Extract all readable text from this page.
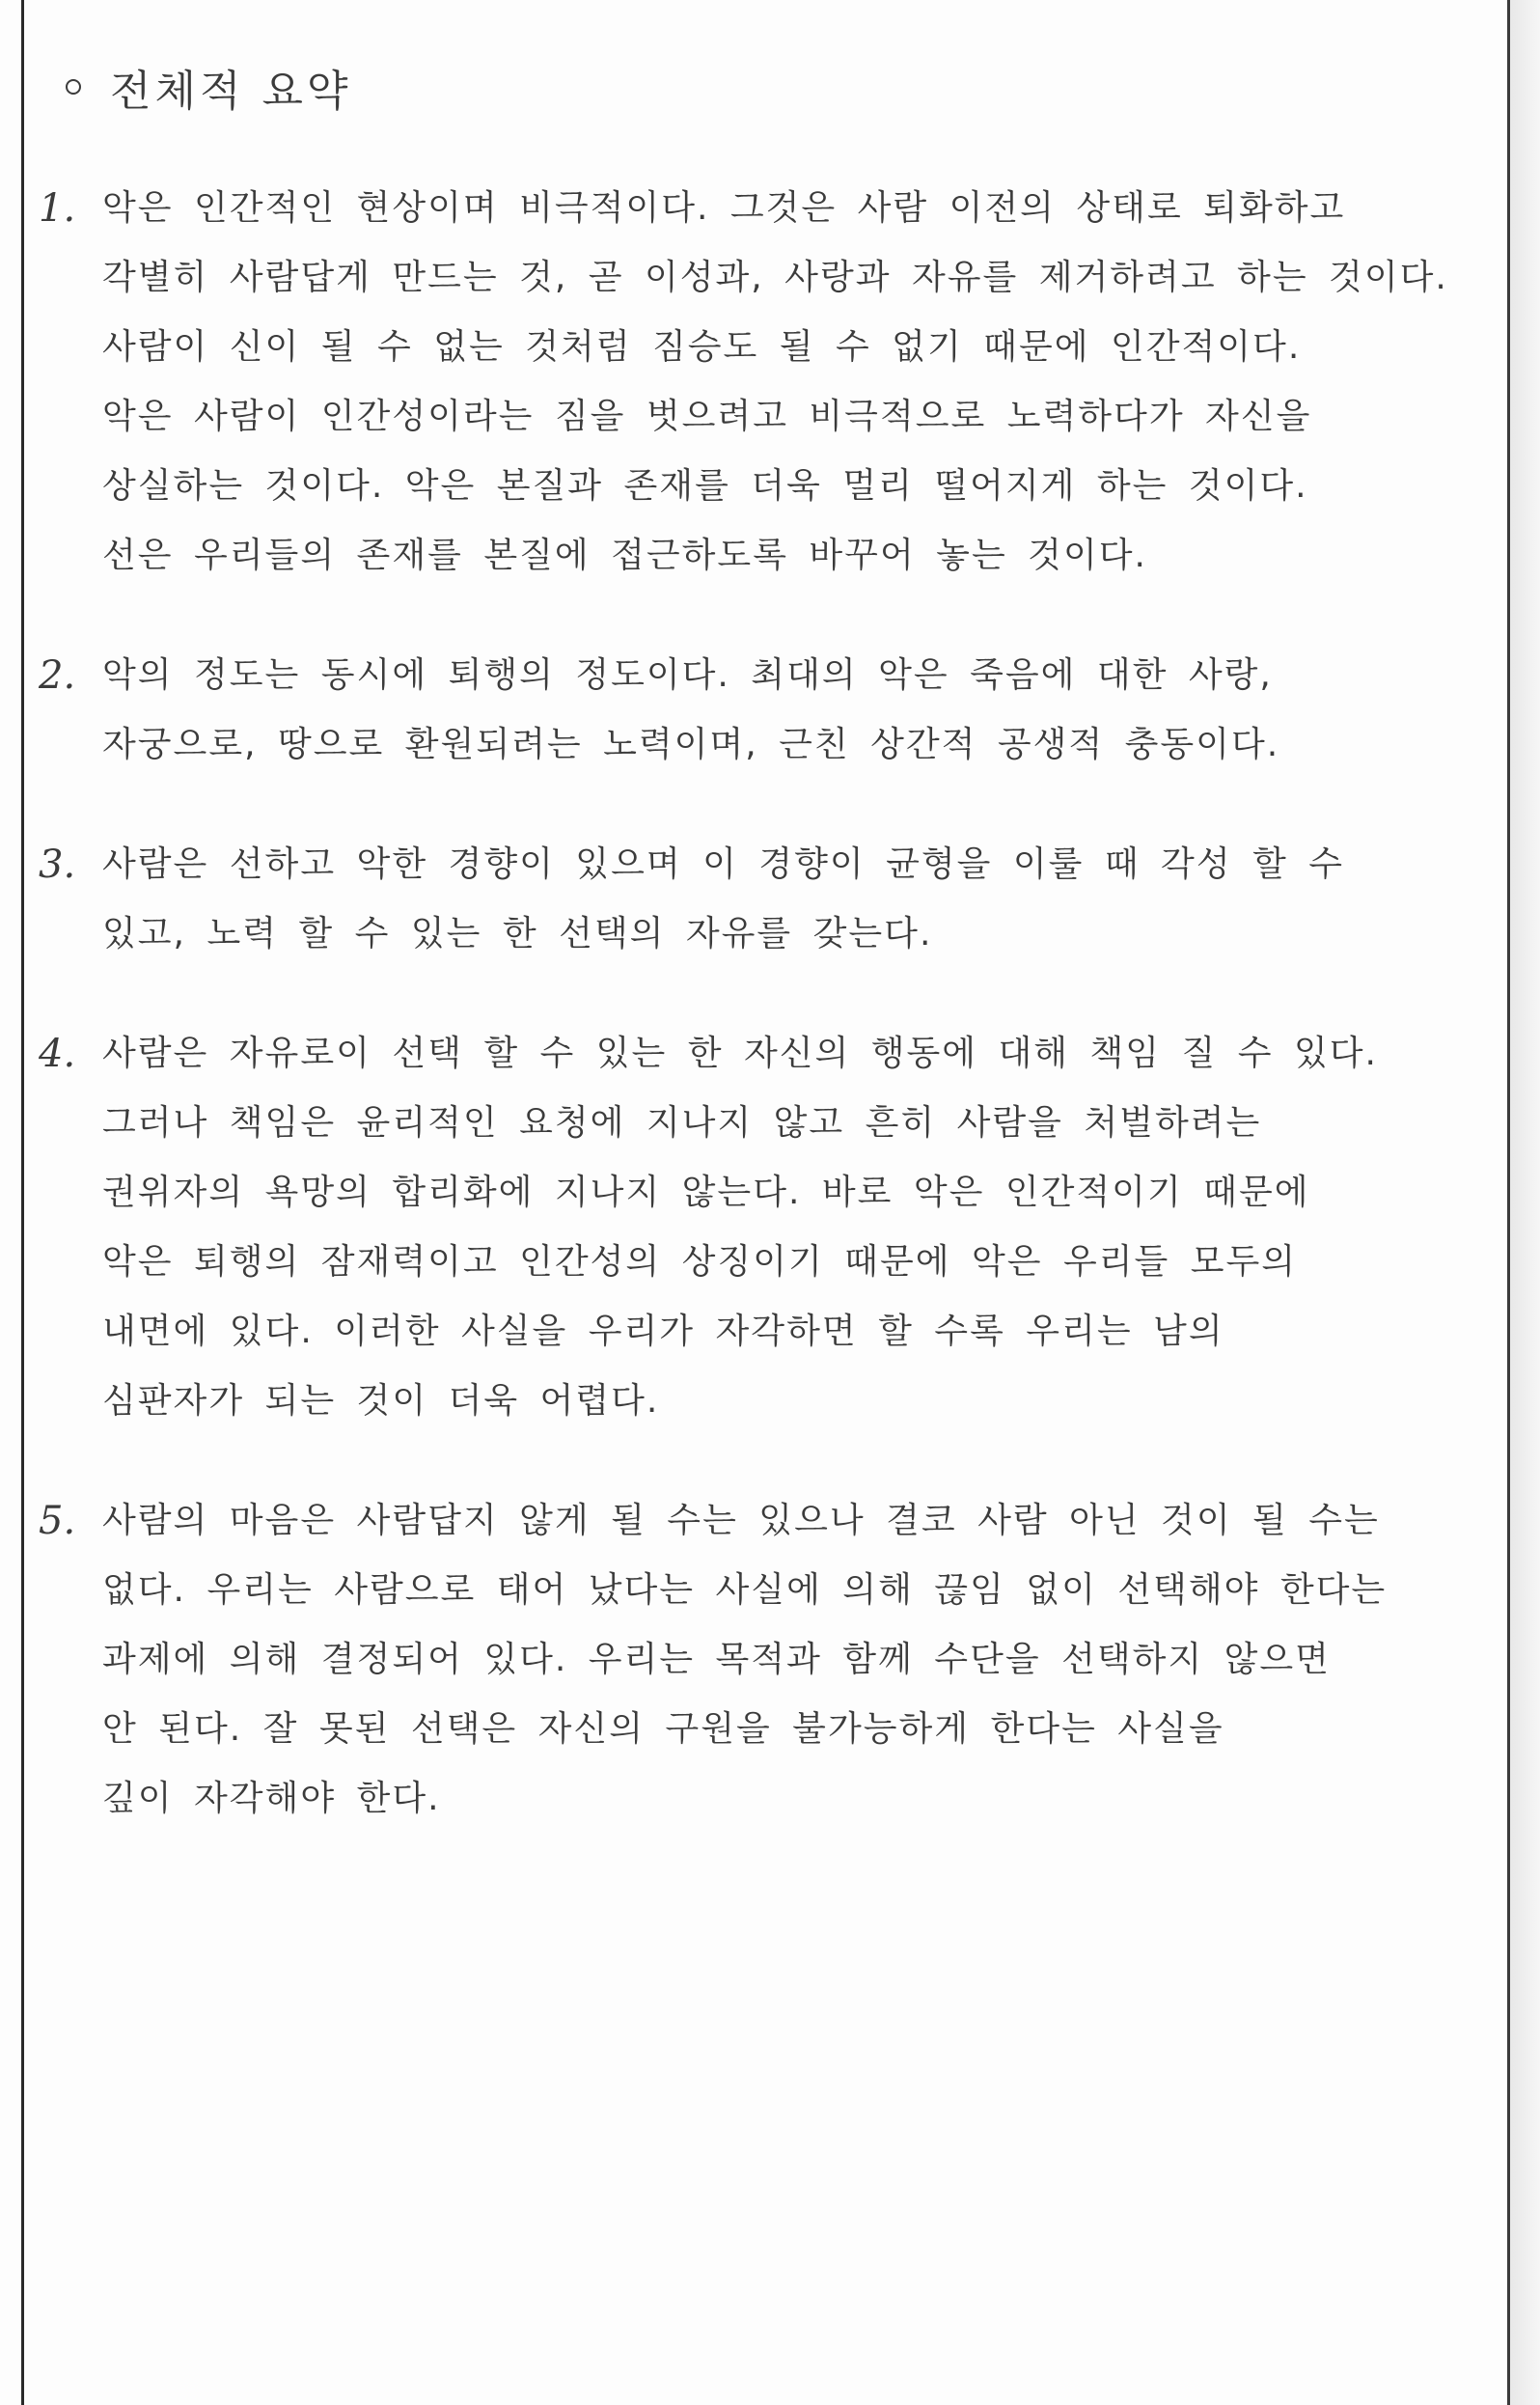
전체적 요약
1. 악은 인간적인 현상이며 비극적이다. 그것은 사람 이전의 상태로 퇴화하고
각별히 사람답게 만드는 것, 곧 이성과, 사랑과 자유를 제거하려고 하는 것이다.
사람이 신이 될 수 없는 것처럼 짐승도 될 수 없기 때문에 인간적이다.
악은 사람이 인간성이라는 짐을 벗으려고 비극적으로 노력하다가 자신을
상실하는 것이다. 악은 본질과 존재를 더욱 멀리 떨어지게 하는 것이다.
선은 우리들의 존재를 본질에 접근하도록 바꾸어 놓는 것이다.
2. 악의 정도는 동시에 퇴행의 정도이다. 최대의 악은 죽음에 대한 사랑,
자궁으로, 땅으로 환원되려는 노력이며, 근친 상간적 공생적 충동이다.
3. 사람은 선하고 악한 경향이 있으며 이 경향이 균형을 이룰 때 각성 할 수
있고, 노력 할 수 있는 한 선택의 자유를 갖는다.
4. 사람은 자유로이 선택 할 수 있는 한 자신의 행동에 대해 책임 질 수 있다.
그러나 책임은 윤리적인 요청에 지나지 않고 흔히 사람을 처벌하려는
권위자의 욕망의 합리화에 지나지 않는다. 바로 악은 인간적이기 때문에
악은 퇴행의 잠재력이고 인간성의 상징이기 때문에 악은 우리들 모두의
내면에 있다. 이러한 사실을 우리가 자각하면 할 수록 우리는 남의
심판자가 되는 것이 더욱 어렵다.
5. 사람의 마음은 사람답지 않게 될 수는 있으나 결코 사람 아닌 것이 될 수는
없다. 우리는 사람으로 태어 났다는 사실에 의해 끊임 없이 선택해야 한다는
과제에 의해 결정되어 있다. 우리는 목적과 함께 수단을 선택하지 않으면
안 된다. 잘 못된 선택은 자신의 구원을 불가능하게 한다는 사실을
깊이 자각해야 한다.
